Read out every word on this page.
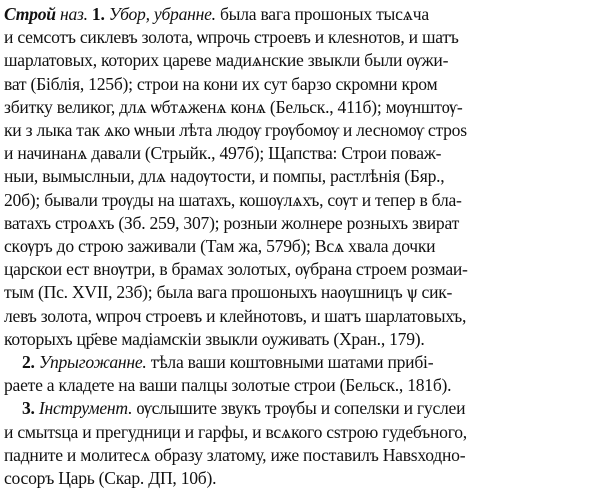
Строй наз. 1. Убор, убранне. была вага прошоных тысѧча
и семсотъ сиклевъ золота, ѡпрочь строевъ и клеѕнотов, и шатъ
шарлатовых, которих царевe мадиѧнские звыкли были ѹжи-
ват (Біблія, 125б); строи на кони их сут барзо скромни кром
збитку великог, длѧ ѡбтѧженѧ конѧ (Бельск., 411б); мѹнштѹ-
ки з лыка так ѧко ѡныи лѣта людѹ грѹбомѹ и лесномѹ строѕ
и начинанѧ давали (Стрыйк., 497б); Щапства: Строи поваж-
ныи, вымыслныи, длѧ надѹтости, и помпы, растлѣнія (Бяр.,
20б); бывали трѹды на шатахъ, кошѹлѧхъ, сѹт и тепер в бла-
ватахъ строѧхъ (Зб. 259, 307); розныи жолнере розныхъ звират
скѹръ до строю заживали (Там жа, 579б); Всѧ хвала дочки
царскои ест внѹтри, в брамах золотых, ѹбрана строем розмаи-
тым (Пс. XVII, 23б); была вага прошоныхъ наѹшницъ ѱ сик-
левъ золота, ѡпроч строевъ и клейнотовъ, и шатъ шарлатовыхъ,
которыхъ цр҃еве мадіамскіи звыкли оуживать (Хран., 179).

2. Упрыгожанне. тѣла ваши коштовными шатами прибі-
раете а кладете на ваши палцы золотые строи (Бельск., 181б).

3. Інструмент. ѹслышите звукъ трѹбы и сопелѕки и гуслеи
и смытѕца и прегудници и гарфы, и всѧкого сѕтрою гудебъного,
падните и молитесѧ образу златому, иже поставилъ Навѕходно-
сосоръ Царь (Скар. ДП, 10б).
